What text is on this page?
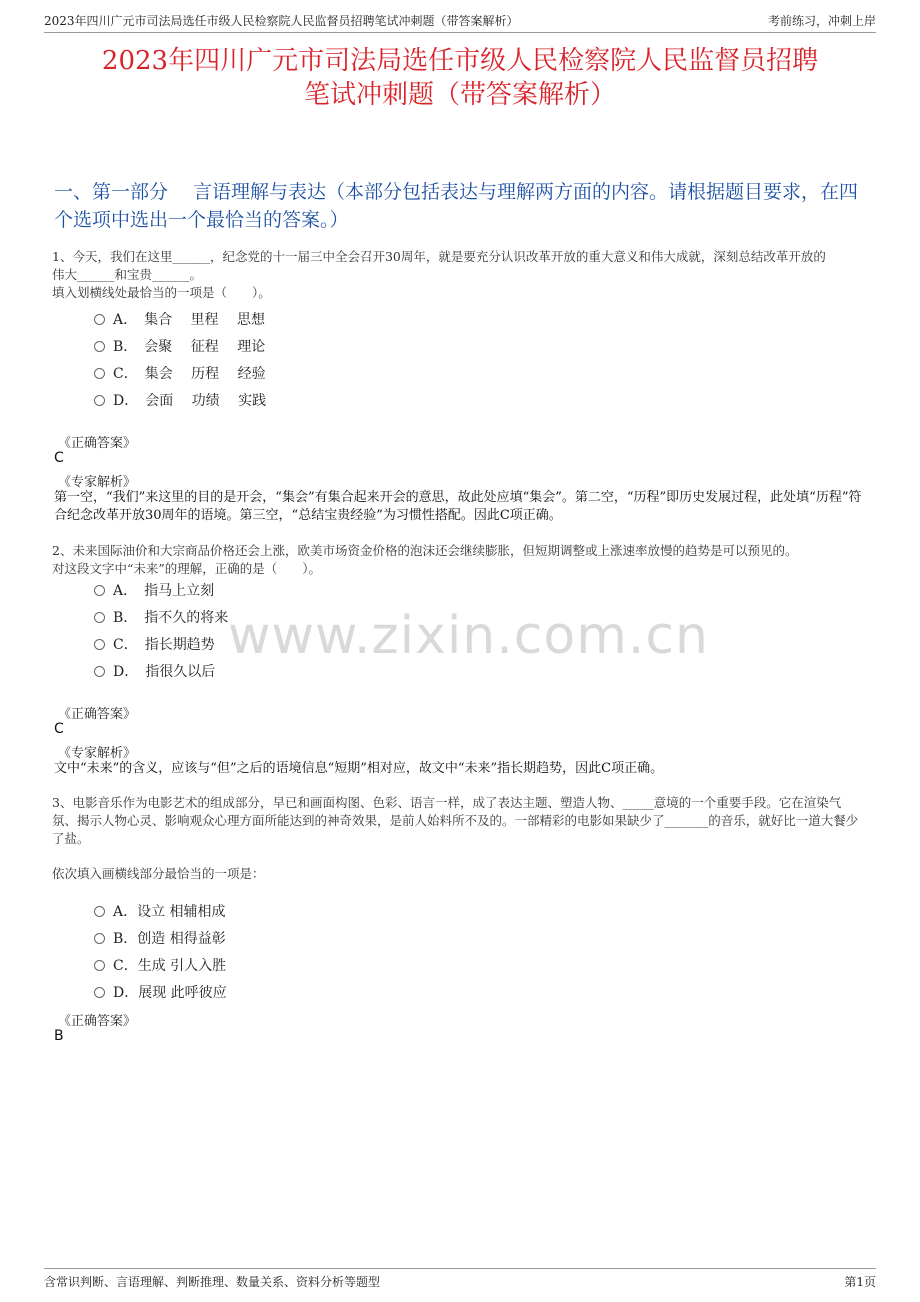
2023年四川广元市司法局选任市级人民检察院人民监督员招聘笔试冲刺题（带答案解析）	考前练习，冲刺上岸
2023年四川广元市司法局选任市级人民检察院人民监督员招聘
笔试冲刺题（带答案解析）
一、第一部分　 言语理解与表达（本部分包括表达与理解两方面的内容。请根据题目要求，在四个选项中选出一个最恰当的答案。）
1、今天，我们在这里______，纪念党的十一届三中全会召开30周年，就是要充分认识改革开放的重大意义和伟大成就，深刻总结改革开放的
伟大______和宝贵______。
填入划横线处最恰当的一项是（　　）。
A．　集合　 里程　 思想
B．　会聚　 征程　 理论
C．　集会　 历程　 经验
D．　会面　 功绩　 实践
《正确答案》
C
《专家解析》
第一空，“我们”来这里的目的是开会，“集会”有集合起来开会的意思，故此处应填“集会”。第二空，“历程”即历史发展过程，此处填“历程”符合纪念改革开放30周年的语境。第三空，“总结宝贵经验”为习惯性搭配。因此C项正确。
2、未来国际油价和大宗商品价格还会上涨，欧美市场资金价格的泡沫还会继续膨胀，但短期调整或上涨速率放慢的趋势是可以预见的。
对这段文字中“未来”的理解，正确的是（　　）。
A．　指马上立刻
B．　指不久的将来
C．　指长期趋势
D．　指很久以后
《正确答案》
C
《专家解析》
文中“未来”的含义，应该与“但”之后的语境信息“短期”相对应，故文中“未来”指长期趋势，因此C项正确。
3、电影音乐作为电影艺术的组成部分，早已和画面构图、色彩、语言一样，成了表达主题、塑造人物、_____意境的一个重要手段。它在渲染气氛、揭示人物心灵、影响观众心理方面所能达到的神奇效果，是前人始料所不及的。一部精彩的电影如果缺少了_______的音乐，就好比一道大餐少了盐。
依次填入画横线部分最恰当的一项是：
A．设立 相辅相成
B．创造 相得益彰
C．生成 引人入胜
D．展现 此呼彼应
《正确答案》
B
www.zixin.com.cn
含常识判断、言语理解、判断推理、数量关系、资料分析等题型	第1页
